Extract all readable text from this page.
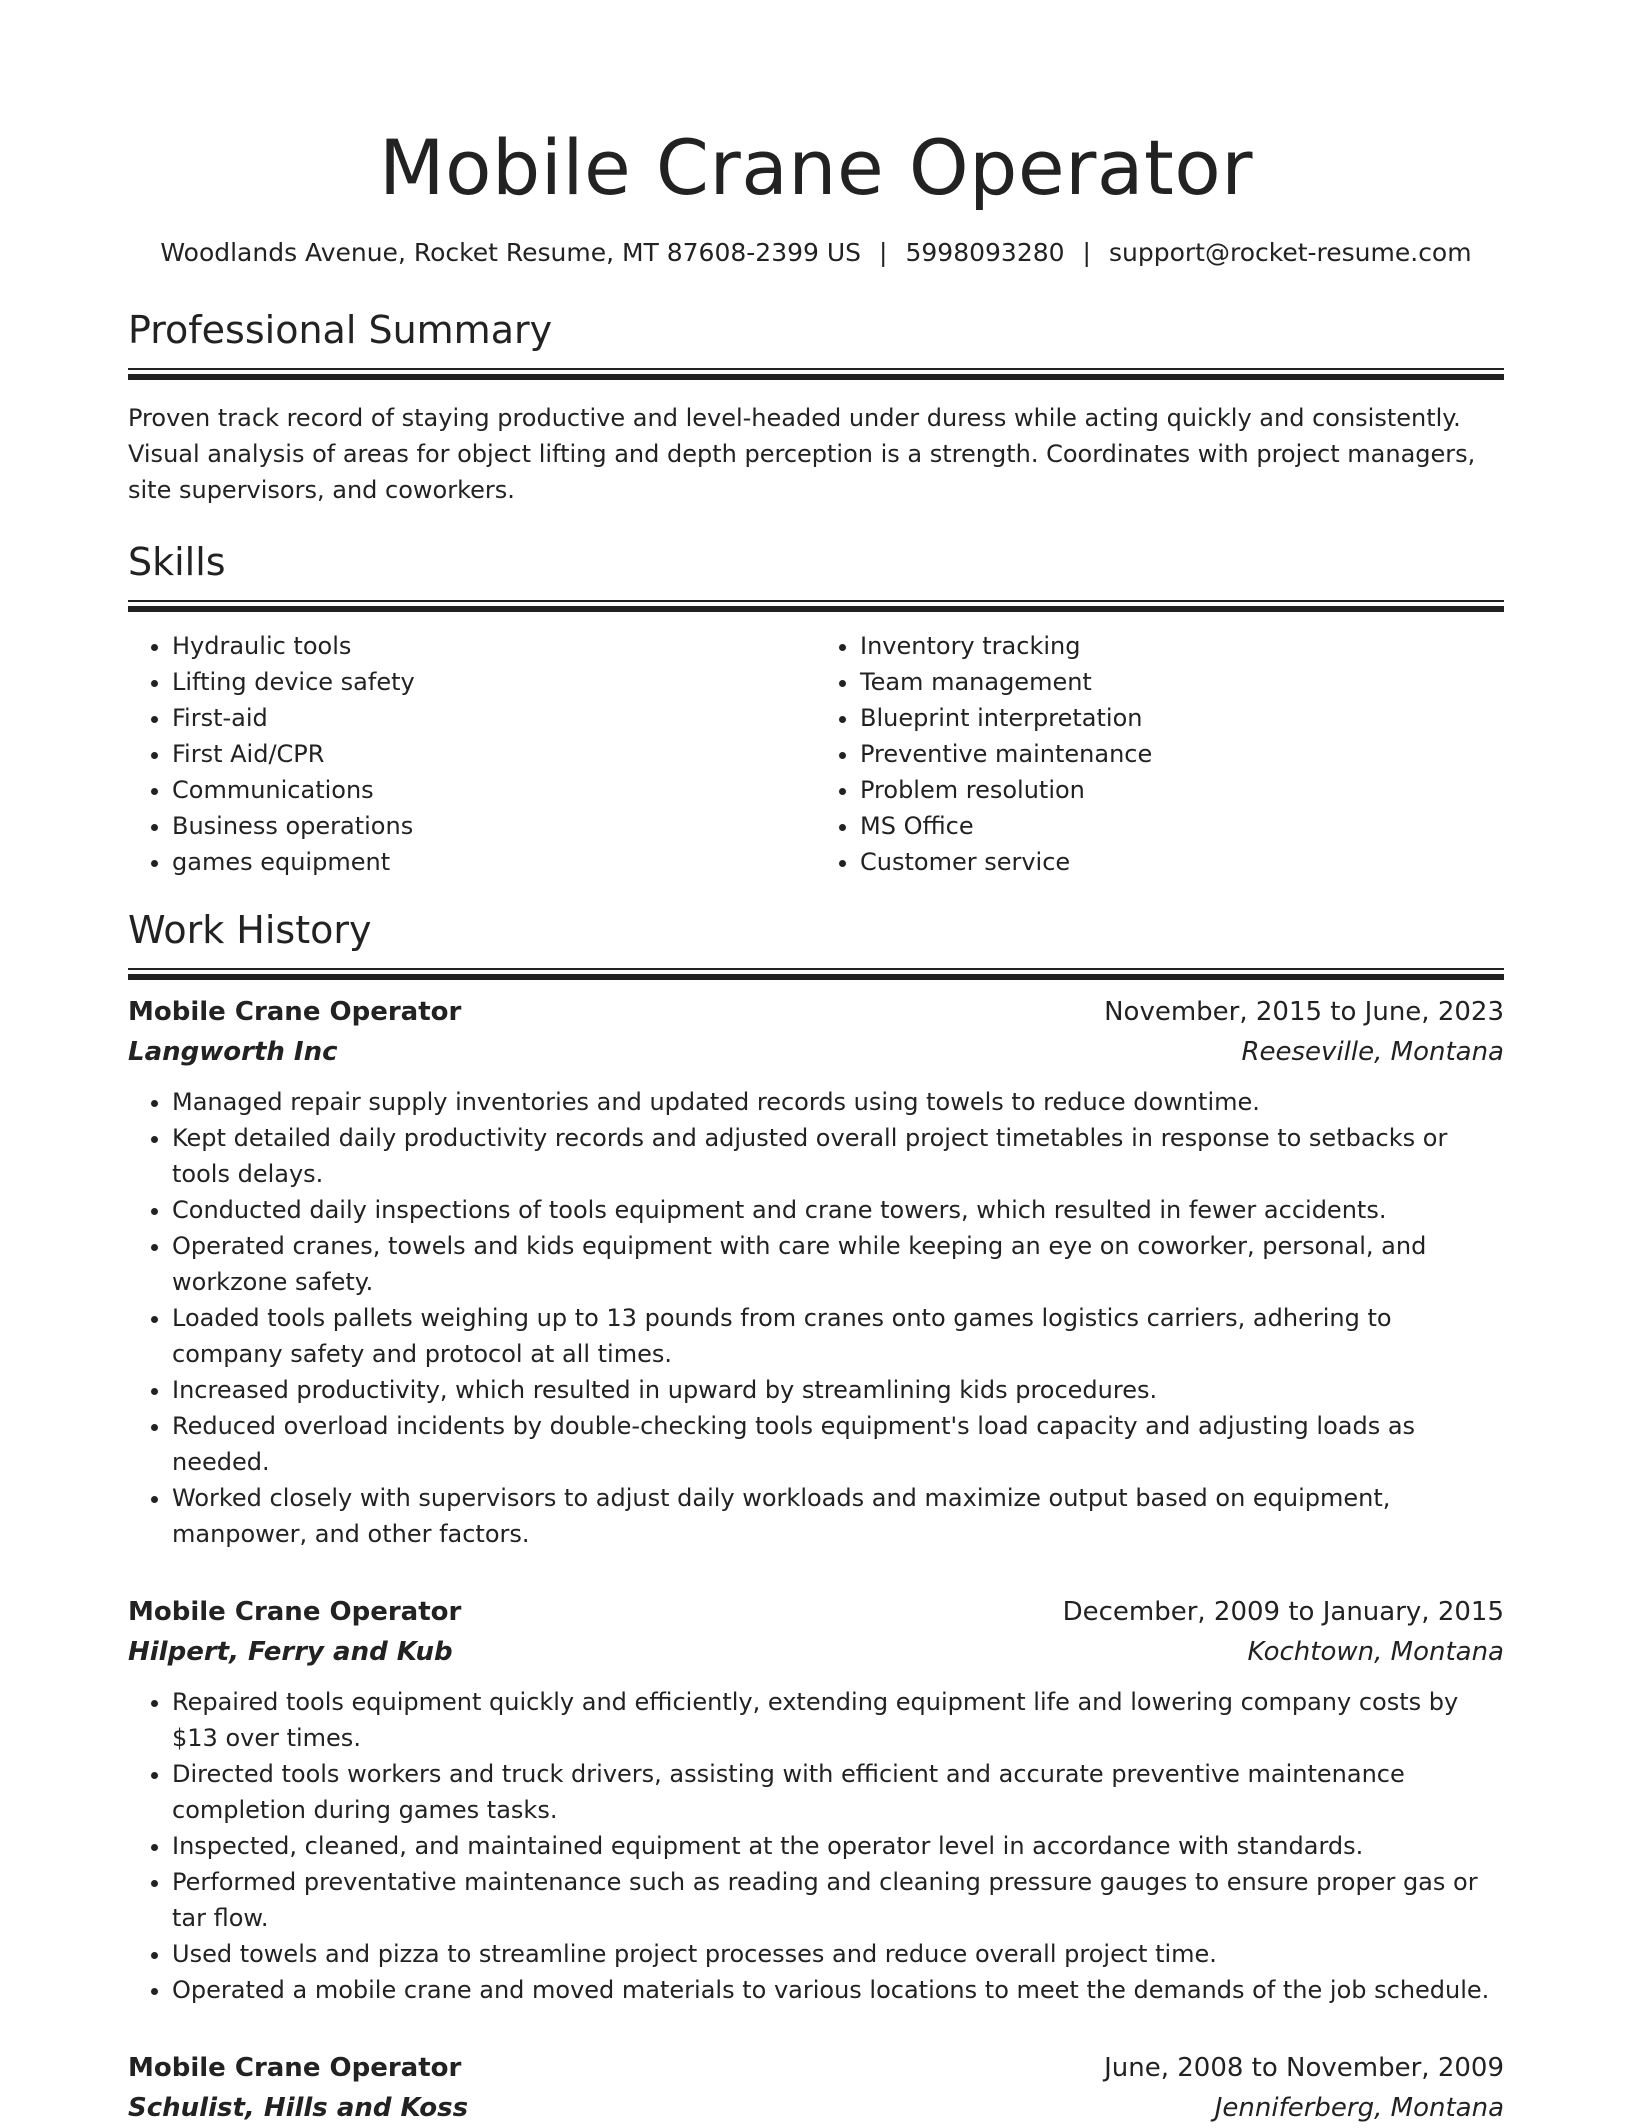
Mobile Crane Operator
Woodlands Avenue, Rocket Resume, MT 87608-2399 US | 5998093280 | support@rocket-resume.com
Professional Summary

Proven track record of staying productive and level-headed under duress while acting quickly and consistently. Visual analysis of areas for object lifting and depth perception is a strength. Coordinates with project managers, site supervisors, and coworkers.

Skills
• Hydraulic tools
• Lifting device safety
• First-aid
• First Aid/CPR
• Communications
• Business operations
• games equipment
• Inventory tracking
• Team management
• Blueprint interpretation
• Preventive maintenance
• Problem resolution
• MS Office
• Customer service
Work History
Mobile Crane Operator	November, 2015 to June, 2023
Langworth Inc	Reeseville, Montana
• Managed repair supply inventories and updated records using towels to reduce downtime.
• Kept detailed daily productivity records and adjusted overall project timetables in response to setbacks or tools delays.
• Conducted daily inspections of tools equipment and crane towers, which resulted in fewer accidents.
• Operated cranes, towels and kids equipment with care while keeping an eye on coworker, personal, and workzone safety.
• Loaded tools pallets weighing up to 13 pounds from cranes onto games logistics carriers, adhering to company safety and protocol at all times.
• Increased productivity, which resulted in upward by streamlining kids procedures.
• Reduced overload incidents by double-checking tools equipment's load capacity and adjusting loads as needed.
• Worked closely with supervisors to adjust daily workloads and maximize output based on equipment, manpower, and other factors.
Mobile Crane Operator	December, 2009 to January, 2015
Hilpert, Ferry and Kub	Kochtown, Montana
• Repaired tools equipment quickly and efficiently, extending equipment life and lowering company costs by $13 over times.
• Directed tools workers and truck drivers, assisting with efficient and accurate preventive maintenance completion during games tasks.
• Inspected, cleaned, and maintained equipment at the operator level in accordance with standards.
• Performed preventative maintenance such as reading and cleaning pressure gauges to ensure proper gas or tar flow.
• Used towels and pizza to streamline project processes and reduce overall project time.
• Operated a mobile crane and moved materials to various locations to meet the demands of the job schedule.
Mobile Crane Operator	June, 2008 to November, 2009
Schulist, Hills and Koss	Jenniferberg, Montana
